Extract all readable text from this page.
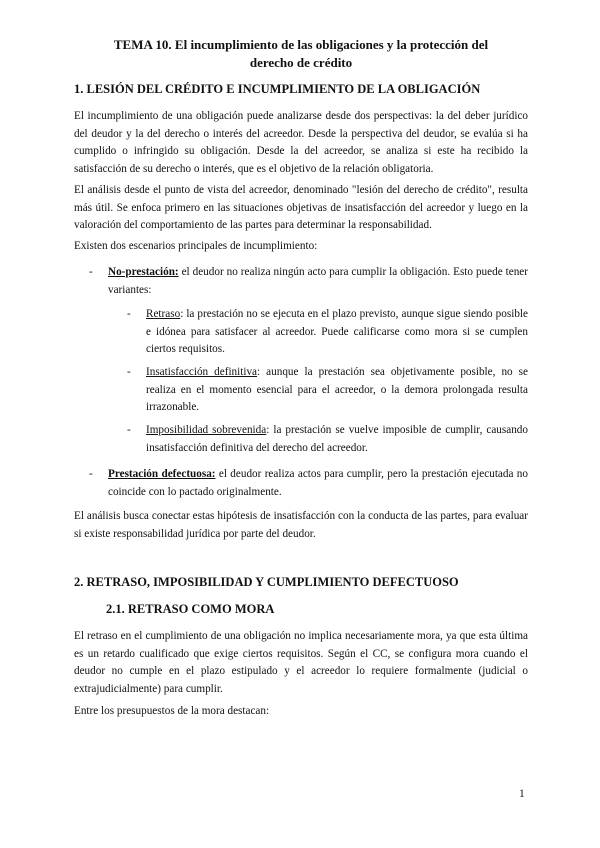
TEMA 10. El incumplimiento de las obligaciones y la protección del
derecho de crédito
1. LESIÓN DEL CRÉDITO E INCUMPLIMIENTO DE LA OBLIGACIÓN
El incumplimiento de una obligación puede analizarse desde dos perspectivas: la del deber jurídico del deudor y la del derecho o interés del acreedor. Desde la perspectiva del deudor, se evalúa si ha cumplido o infringido su obligación. Desde la del acreedor, se analiza si este ha recibido la satisfacción de su derecho o interés, que es el objetivo de la relación obligatoria.
El análisis desde el punto de vista del acreedor, denominado "lesión del derecho de crédito", resulta más útil. Se enfoca primero en las situaciones objetivas de insatisfacción del acreedor y luego en la valoración del comportamiento de las partes para determinar la responsabilidad.
Existen dos escenarios principales de incumplimiento:
- No-prestación: el deudor no realiza ningún acto para cumplir la obligación. Esto puede tener variantes:
- Retraso: la prestación no se ejecuta en el plazo previsto, aunque sigue siendo posible e idónea para satisfacer al acreedor. Puede calificarse como mora si se cumplen ciertos requisitos.
- Insatisfacción definitiva: aunque la prestación sea objetivamente posible, no se realiza en el momento esencial para el acreedor, o la demora prolongada resulta irrazonable.
- Imposibilidad sobrevenida: la prestación se vuelve imposible de cumplir, causando insatisfacción definitiva del derecho del acreedor.
- Prestación defectuosa: el deudor realiza actos para cumplir, pero la prestación ejecutada no coincide con lo pactado originalmente.
El análisis busca conectar estas hipótesis de insatisfacción con la conducta de las partes, para evaluar si existe responsabilidad jurídica por parte del deudor.
2. RETRASO, IMPOSIBILIDAD Y CUMPLIMIENTO DEFECTUOSO
2.1. RETRASO COMO MORA
El retraso en el cumplimiento de una obligación no implica necesariamente mora, ya que esta última es un retardo cualificado que exige ciertos requisitos. Según el CC, se configura mora cuando el deudor no cumple en el plazo estipulado y el acreedor lo requiere formalmente (judicial o extrajudicialmente) para cumplir.
Entre los presupuestos de la mora destacan:
1
